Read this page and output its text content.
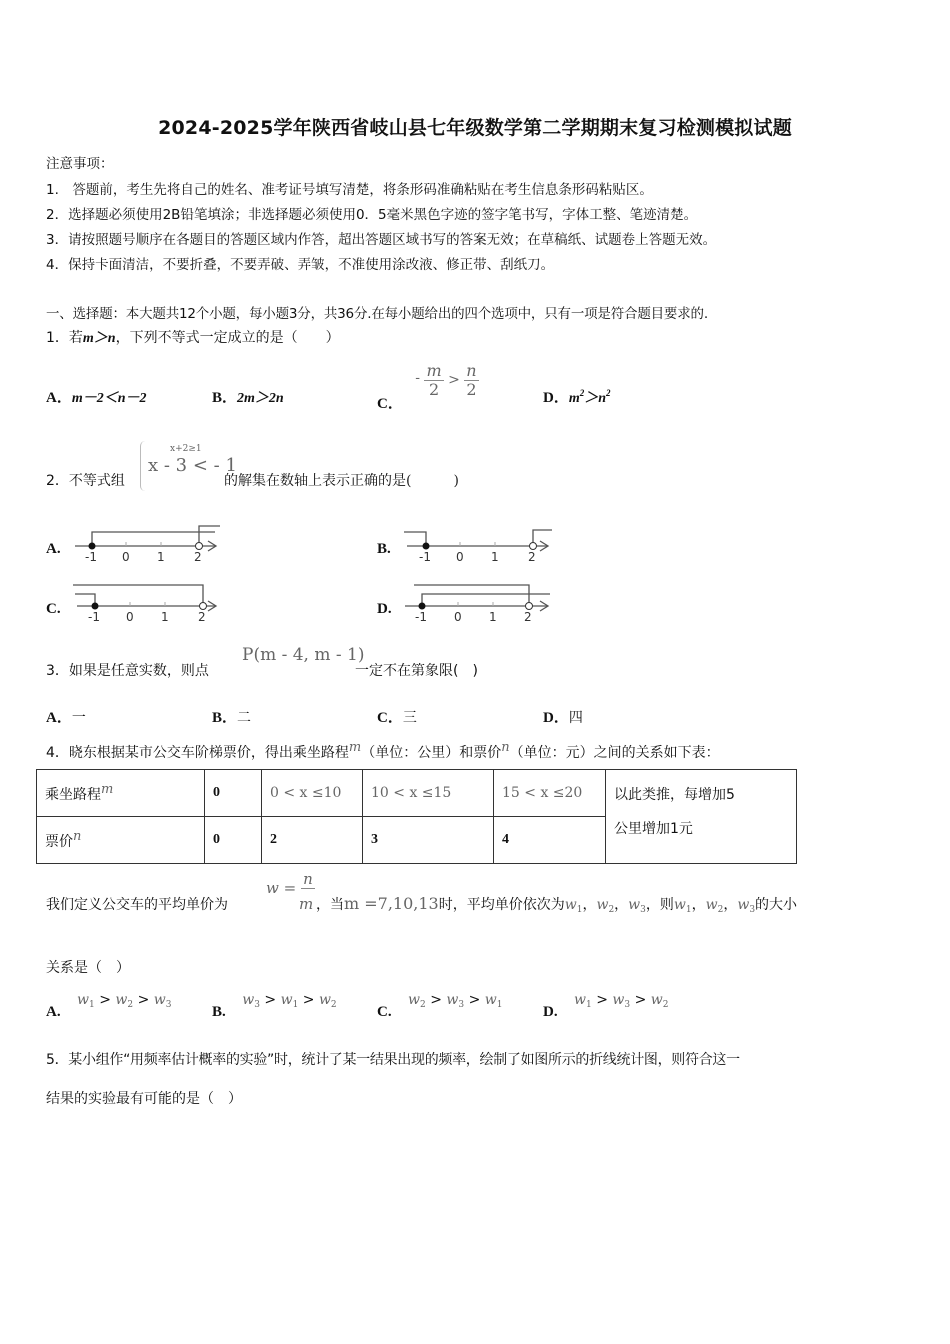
2024-2025学年陕西省岐山县七年级数学第二学期期末复习检测模拟试题
注意事项：
1.　答题前，考生先将自己的姓名、准考证号填写清楚，将条形码准确粘贴在考生信息条形码粘贴区。
2．选择题必须使用2B铅笔填涂；非选择题必须使用0．5毫米黑色字迹的签字笔书写，字体工整、笔迹清楚。
3．请按照题号顺序在各题目的答题区域内作答，超出答题区域书写的答案无效；在草稿纸、试题卷上答题无效。
4．保持卡面清洁，不要折叠，不要弄破、弄皱，不准使用涂改液、修正带、刮纸刀。
一、选择题：本大题共12个小题，每小题3分，共36分.在每小题给出的四个选项中，只有一项是符合题目要求的.
1．若m＞n，下列不等式一定成立的是（　　）
A．m－2＜n－2	B．2m＞2n	C． - $\frac{m}{2} > \frac{n}{2}$	D．$m^2>n^2$
2．不等式组
x+2≥1
x - 3 < - 1
的解集在数轴上表示正确的是(　　　)
A. -1 0 1 2	B. -1 0 1 2
C. -1 0 1 2	D. -1 0 1 2
3．如果是任意实数，则点
P(m - 4, m - 1)
一定不在第象限(　)
A．一	B．二	C．三	D．四
4．晓东根据某市公交车阶梯票价，得出乘坐路程m（单位：公里）和票价n（单位：元）之间的关系如下表：
乘坐路程m	0	0 < x ≤10	10 < x ≤15	15 < x ≤20	以此类推，每增加5
公里增加1元

票价n	0	2	3	4	
我们定义公交车的平均单价为
w = n
m ，当m =7,10,13时，平均单价依次为$w_1$，$w_2$，$w_3$，则$w_1$，$w_2$，$w_3$的大小
关系是（　）
A. $w_1 > w_2 > w_3$	B. $w_3 > w_1 > w_2$	C. $w_2 > w_3 > w_1$	D. $w_1 > w_3 > w_2$
5．某小组作“用频率估计概率的实验”时，统计了某一结果出现的频率，绘制了如图所示的折线统计图，则符合这一
结果的实验最有可能的是（　）
